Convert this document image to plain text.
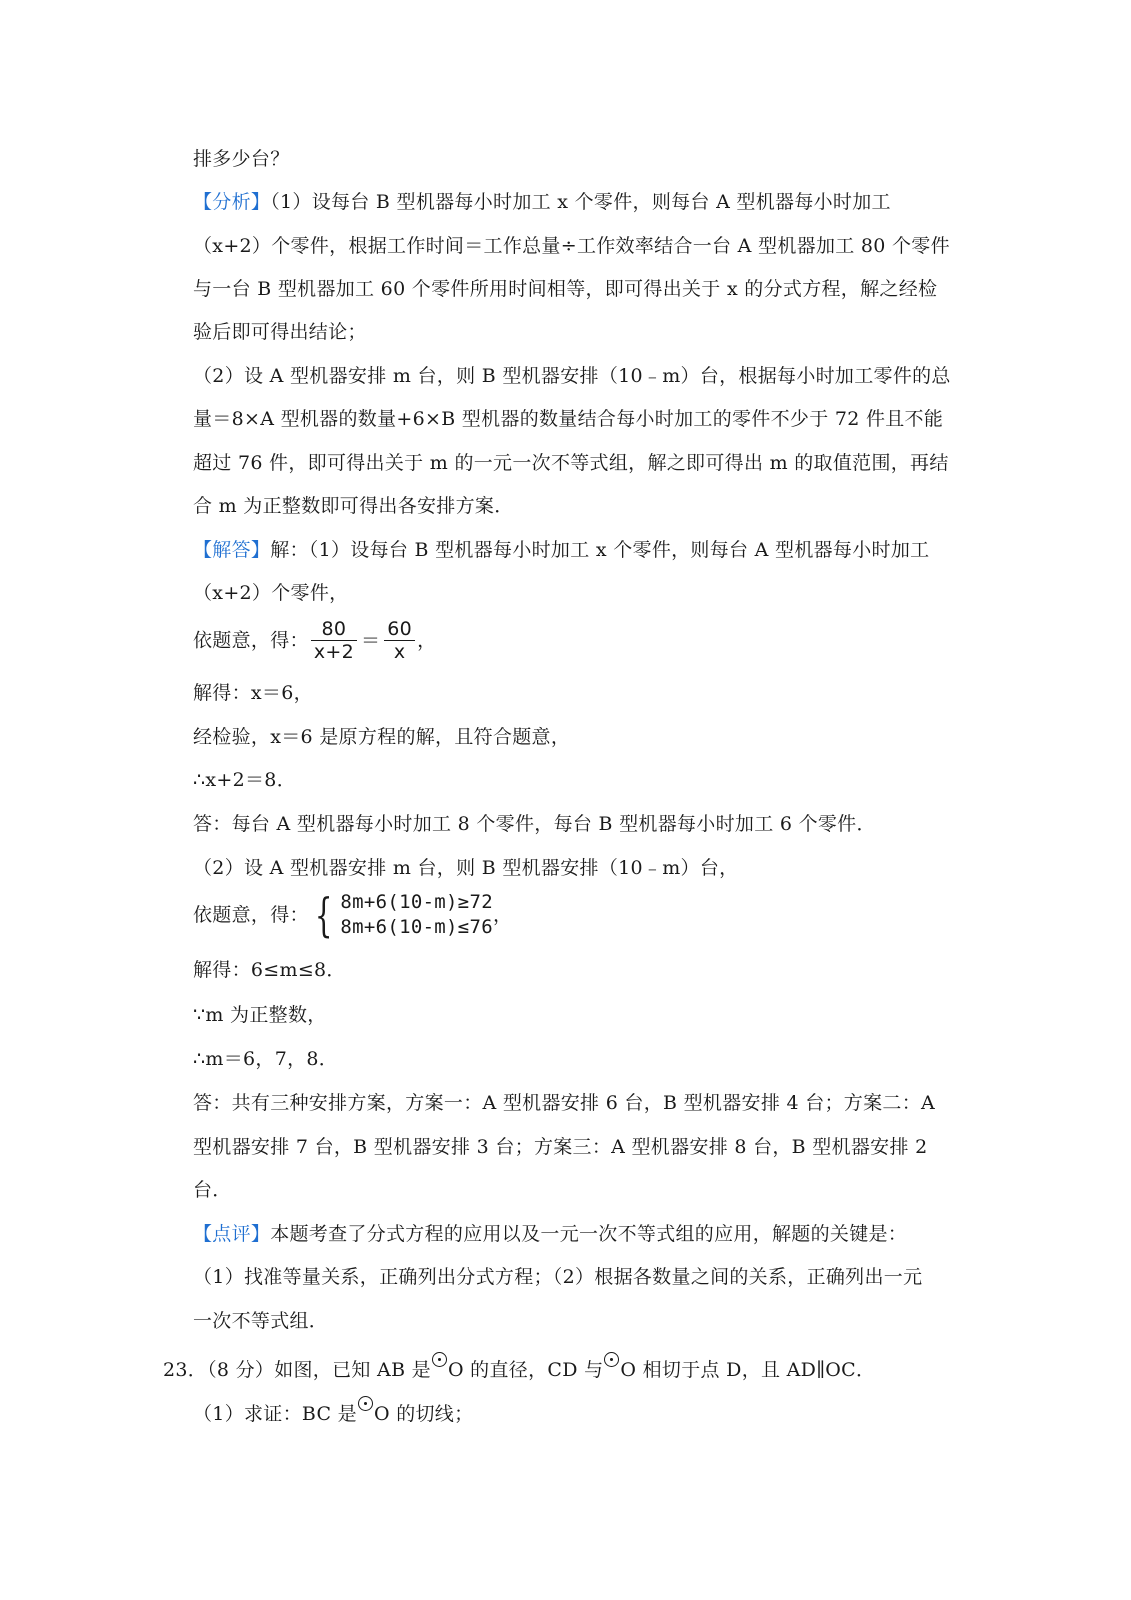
排多少台？
【分析】（1）设每台 B 型机器每小时加工 x 个零件，则每台 A 型机器每小时加工
（x+2）个零件，根据工作时间＝工作总量÷工作效率结合一台 A 型机器加工 80 个零件
与一台 B 型机器加工 60 个零件所用时间相等，即可得出关于 x 的分式方程，解之经检
验后即可得出结论；
（2）设 A 型机器安排 m 台，则 B 型机器安排（10﹣m）台，根据每小时加工零件的总
量＝8×A 型机器的数量+6×B 型机器的数量结合每小时加工的零件不少于 72 件且不能
超过 76 件，即可得出关于 m 的一元一次不等式组，解之即可得出 m 的取值范围，再结
合 m 为正整数即可得出各安排方案．
【解答】解：（1）设每台 B 型机器每小时加工 x 个零件，则每台 A 型机器每小时加工
（x+2）个零件，
依题意，得： $\frac{80}{x+2} = \frac{60}{x}$ ，
解得：x＝6，
经检验，x＝6 是原方程的解，且符合题意，
∴x+2＝8．
答：每台 A 型机器每小时加工 8 个零件，每台 B 型机器每小时加工 6 个零件．
（2）设 A 型机器安排 m 台，则 B 型机器安排（10﹣m）台，
依题意，得： { 8m+6(10-m)≥72
8m+6(10-m)≤76
，
解得：6≤m≤8．
∵m 为正整数，
∴m＝6，7，8．
答：共有三种安排方案，方案一：A 型机器安排 6 台，B 型机器安排 4 台；方案二：A
型机器安排 7 台，B 型机器安排 3 台；方案三：A 型机器安排 8 台，B 型机器安排 2
台．
【点评】本题考查了分式方程的应用以及一元一次不等式组的应用，解题的关键是：
（1）找准等量关系，正确列出分式方程；（2）根据各数量之间的关系，正确列出一元
一次不等式组．
23．（8 分）如图，已知 AB 是 O 的直径，CD 与 O 相切于点 D，且 AD∥OC．
（1）求证：BC 是 O 的切线；
